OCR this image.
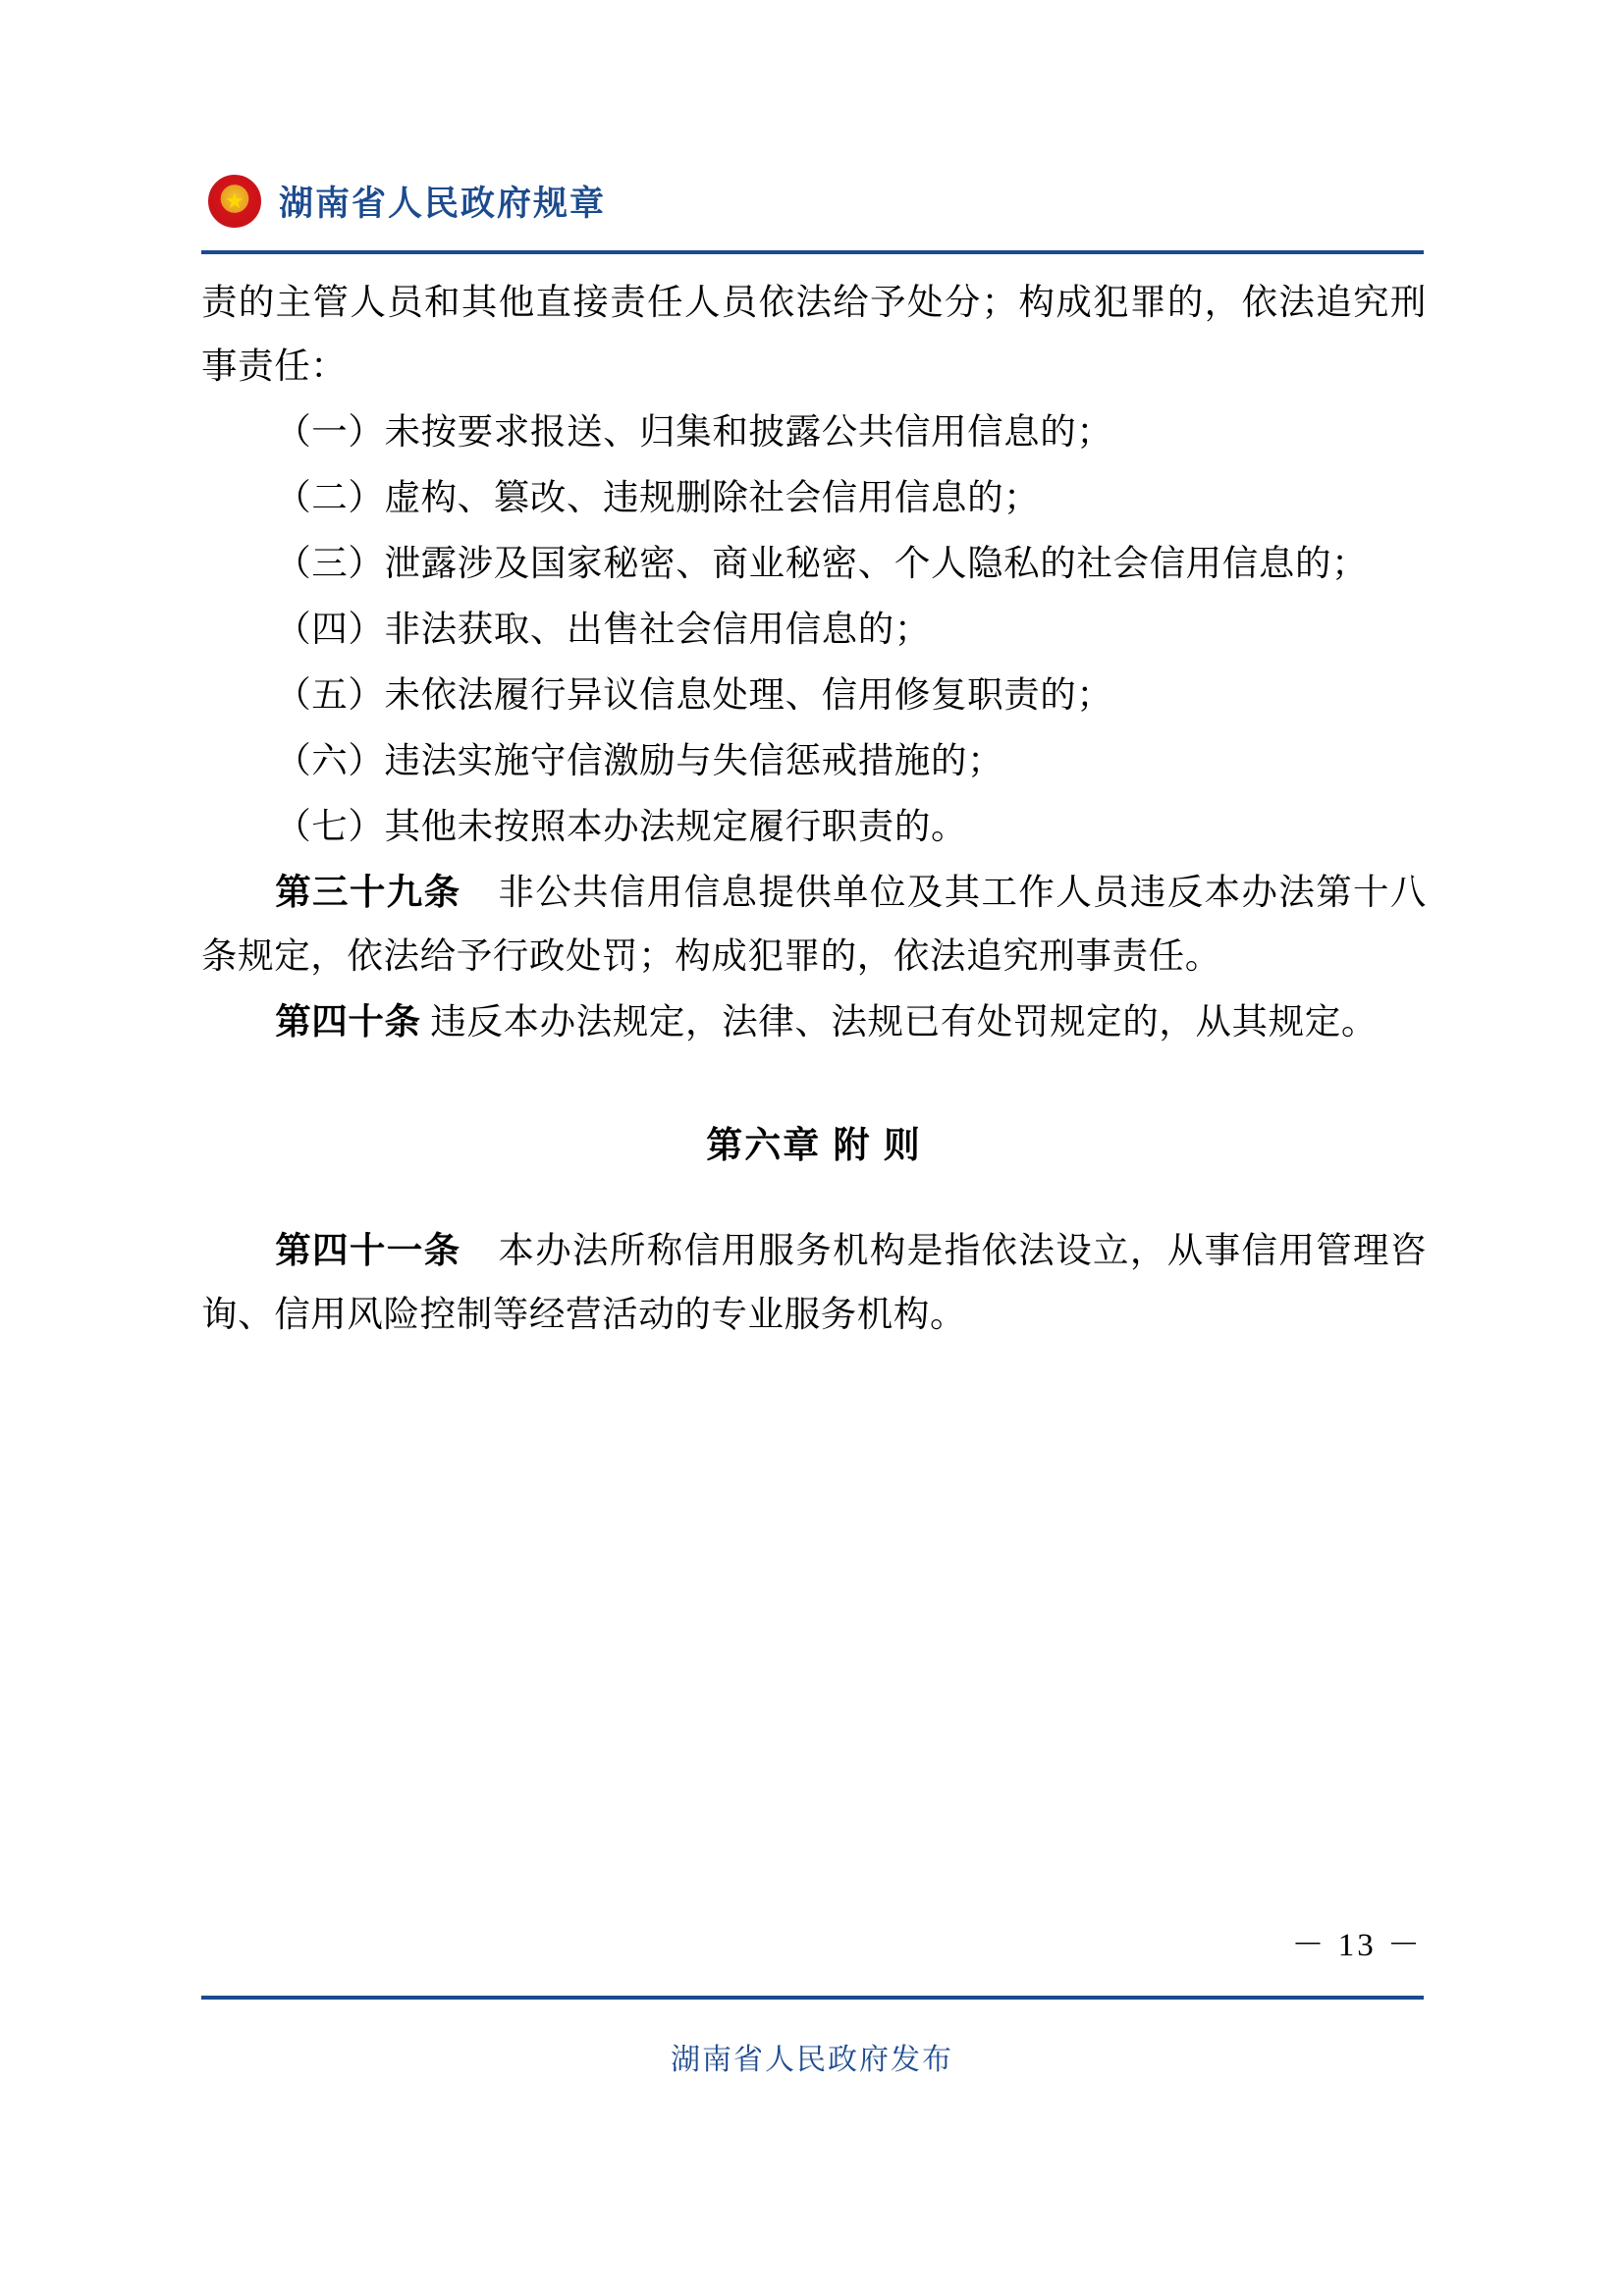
★
湖南省人民政府规章

责的主管人员和其他直接责任人员依法给予处分；构成犯罪的，依法追究刑事责任：

（一）未按要求报送、归集和披露公共信用信息的；

（二）虚构、篡改、违规删除社会信用信息的；

（三）泄露涉及国家秘密、商业秘密、个人隐私的社会信用信息的；

（四）非法获取、出售社会信用信息的；

（五）未依法履行异议信息处理、信用修复职责的；

（六）违法实施守信激励与失信惩戒措施的；

（七）其他未按照本办法规定履行职责的。

第三十九条　 非公共信用信息提供单位及其工作人员违反本办法第十八条规定，依法给予行政处罚；构成犯罪的，依法追究刑事责任。

第四十条 违反本办法规定，法律、法规已有处罚规定的，从其规定。

第六章 附 则

第四十一条　 本办法所称信用服务机构是指依法设立，从事信用管理咨询、信用风险控制等经营活动的专业服务机构。

－ 13 －
湖南省人民政府发布
